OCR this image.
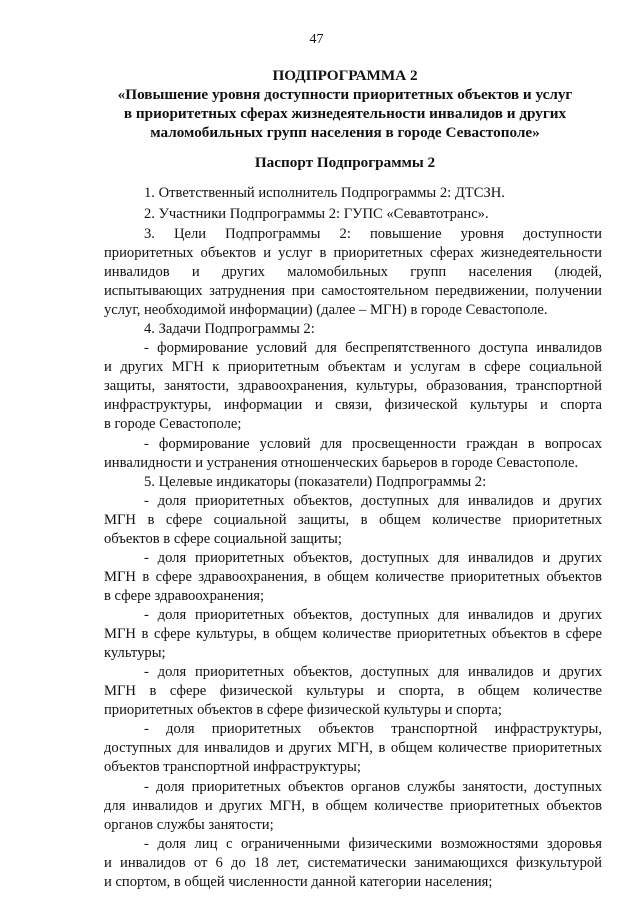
47
ПОДПРОГРАММА 2
«Повышение уровня доступности приоритетных объектов и услуг
в приоритетных сферах жизнедеятельности инвалидов и других
маломобильных групп населения в городе Севастополе»
Паспорт Подпрограммы 2
1. Ответственный исполнитель Подпрограммы 2: ДТСЗН.
2. Участники Подпрограммы 2: ГУПС «Севавтотранс».
3. Цели Подпрограммы 2: повышение уровня доступности
приоритетных объектов и услуг в приоритетных сферах жизнедеятельности
инвалидов и других маломобильных групп населения (людей,
испытывающих затруднения при самостоятельном передвижении, получении
услуг, необходимой информации) (далее – МГН) в городе Севастополе.
4. Задачи Подпрограммы 2:
- формирование условий для беспрепятственного доступа инвалидов
и других МГН к приоритетным объектам и услугам в сфере социальной
защиты, занятости, здравоохранения, культуры, образования, транспортной
инфраструктуры, информации и связи, физической культуры и спорта
в городе Севастополе;
- формирование условий для просвещенности граждан в вопросах
инвалидности и устранения отношенческих барьеров в городе Севастополе.
5. Целевые индикаторы (показатели) Подпрограммы 2:
- доля приоритетных объектов, доступных для инвалидов и других
МГН в сфере социальной защиты, в общем количестве приоритетных
объектов в сфере социальной защиты;
- доля приоритетных объектов, доступных для инвалидов и других
МГН в сфере здравоохранения, в общем количестве приоритетных объектов
в сфере здравоохранения;
- доля приоритетных объектов, доступных для инвалидов и других
МГН в сфере культуры, в общем количестве приоритетных объектов в сфере
культуры;
- доля приоритетных объектов, доступных для инвалидов и других
МГН в сфере физической культуры и спорта, в общем количестве
приоритетных объектов в сфере физической культуры и спорта;
- доля приоритетных объектов транспортной инфраструктуры,
доступных для инвалидов и других МГН, в общем количестве приоритетных
объектов транспортной инфраструктуры;
- доля приоритетных объектов органов службы занятости, доступных
для инвалидов и других МГН, в общем количестве приоритетных объектов
органов службы занятости;
- доля лиц с ограниченными физическими возможностями здоровья
и инвалидов от 6 до 18 лет, систематически занимающихся физкультурой
и спортом, в общей численности данной категории населения;
